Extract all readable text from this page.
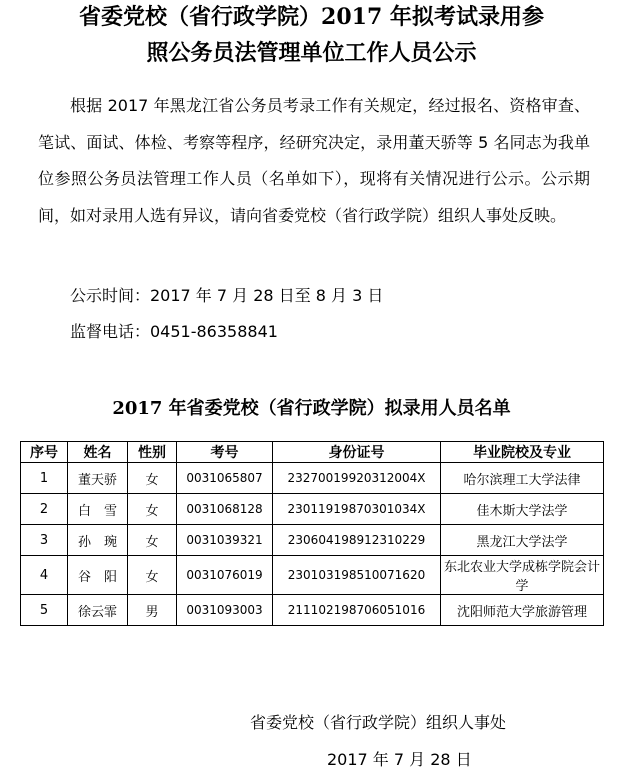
省委党校（省行政学院）2017 年拟考试录用参
照公务员法管理单位工作人员公示
根据 2017 年黑龙江省公务员考录工作有关规定，经过报名、资格审查、笔试、面试、体检、考察等程序，经研究决定，录用董天骄等 5 名同志为我单位参照公务员法管理工作人员（名单如下），现将有关情况进行公示。公示期间，如对录用人选有异议，请向省委党校（省行政学院）组织人事处反映。
公示时间：2017 年 7 月 28 日至 8 月 3 日
监督电话：0451-86358841
2017 年省委党校（省行政学院）拟录用人员名单
序号	姓名	性别	考号	身份证号	毕业院校及专业
1	董天骄	女	0031065807	23270019920312004X	哈尔滨理工大学法律
2	白　雪	女	0031068128	23011919870301034X	佳木斯大学法学
3	孙　琬	女	0031039321	230604198912310229	黑龙江大学法学
4	谷　阳	女	0031076019	230103198510071620	东北农业大学成栋学院会计学
5	徐云霏	男	0031093003	211102198706051016	沈阳师范大学旅游管理
省委党校（省行政学院）组织人事处
2017 年 7 月 28 日
